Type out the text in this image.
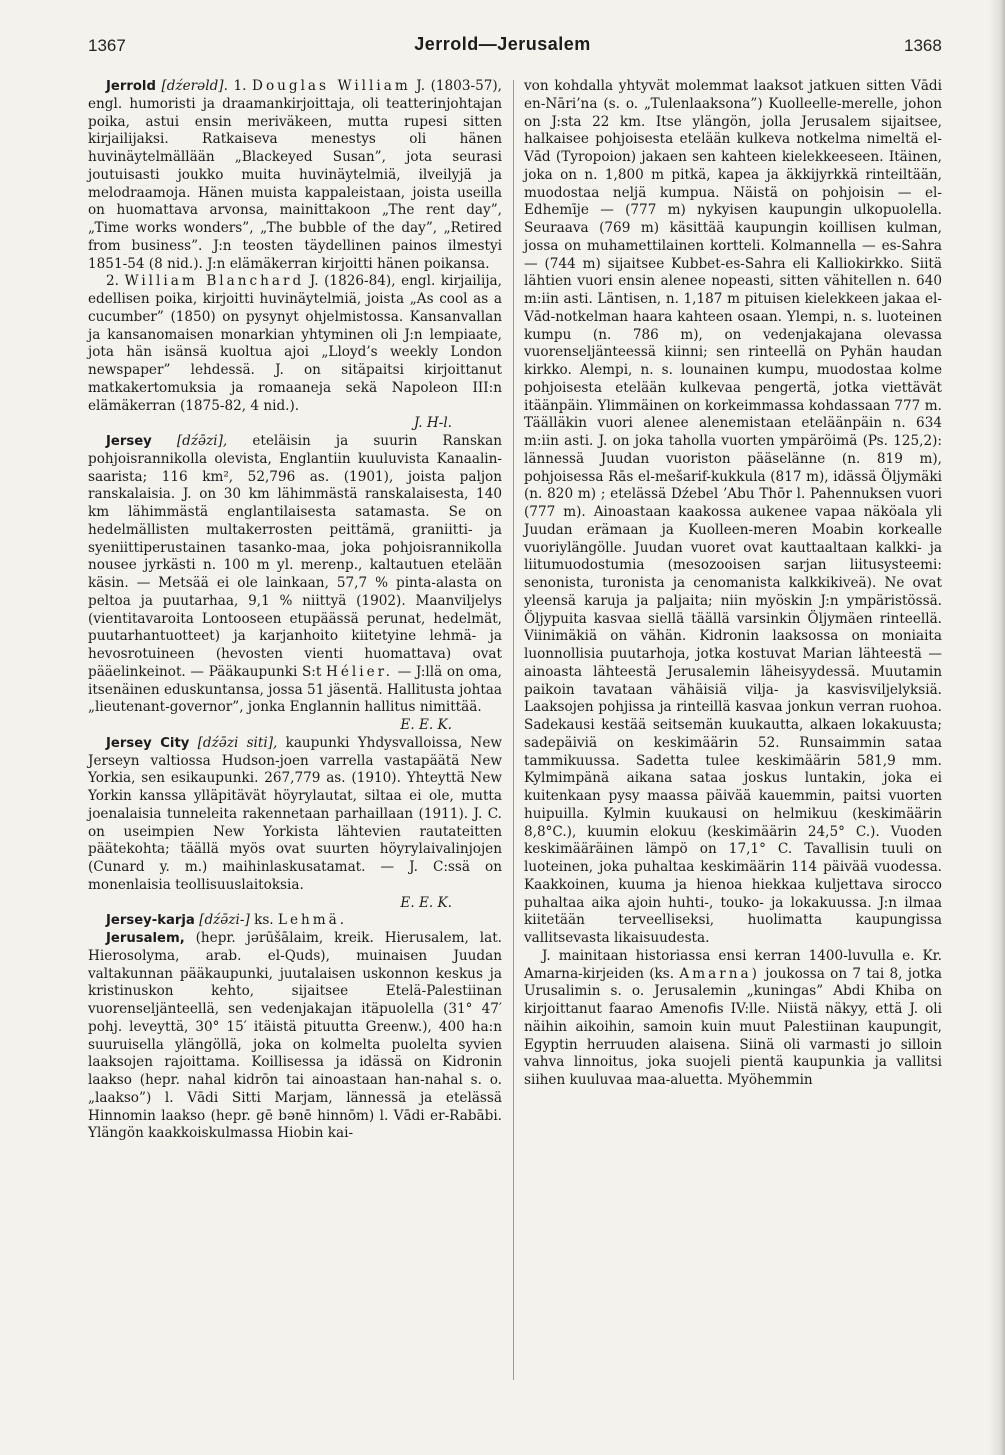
1367	Jerrold—Jerusalem	1368

Jerrold [dźerəld]. 1. Douglas William J. (1803-57), engl. humoristi ja draamankirjoittaja, oli teatterinjohtajan poika, astui ensin meriväkeen, mutta rupesi sitten kirjailijaksi. Ratkaiseva menestys oli hänen huvinäytelmällään „Blackeyed Susan”, jota seurasi joutuisasti joukko muita huvinäytelmiä, ilveilyjä ja melodraamoja. Hänen muista kappaleistaan, joista useilla on huomattava arvonsa, mainittakoon „The rent day”, „Time works wonders”, „The bubble of the day”, „Retired from business”. J:n teosten täydellinen painos ilmestyi 1851-54 (8 nid.). J:n elämäkerran kirjoitti hänen poikansa.

2. William Blanchard J. (1826-84), engl. kirjailija, edellisen poika, kirjoitti huvinäytelmiä, joista „As cool as a cucumber” (1850) on pysynyt ohjelmistossa. Kansanvallan ja kansanomaisen monarkian yhtyminen oli J:n lempiaate, jota hän isänsä kuoltua ajoi „Lloyd’s weekly London newspaper” lehdessä. J. on sitäpaitsi kirjoittanut matkakertomuksia ja romaaneja sekä Napoleon III:n elämäkerran (1875-82, 4 nid.).

J. H-l.

Jersey [dźǝ̄zi], eteläisin ja suurin Ranskan pohjoisrannikolla olevista, Englantiin kuuluvista Kanaalin-saarista; 116 km², 52,796 as. (1901), joista paljon ranskalaisia. J. on 30 km lähimmästä ranskalaisesta, 140 km lähimmästä englantilaisesta satamasta. Se on hedelmällisten multakerrosten peittämä, graniitti- ja syeniittiperustainen tasanko-maa, joka pohjoisrannikolla nousee jyrkästi n. 100 m yl. merenp., kaltautuen etelään käsin. — Metsää ei ole lainkaan, 57,7 % pinta-alasta on peltoa ja puutarhaa, 9,1 % niittyä (1902). Maanviljelys (vientitavaroita Lontooseen etupäässä perunat, hedelmät, puutarhantuotteet) ja karjanhoito kiitetyine lehmä- ja hevosrotuineen (hevosten vienti huomattava) ovat pääelinkeinot. — Pääkaupunki S:t Hélier. — J:llä on oma, itsenäinen eduskuntansa, jossa 51 jäsentä. Hallitusta johtaa „lieutenant-governor”, jonka Englannin hallitus nimittää.

E. E. K.

Jersey City [dźǝ̄zi siti], kaupunki Yhdysvalloissa, New Jerseyn valtiossa Hudson-joen varrella vastapäätä New Yorkia, sen esikaupunki. 267,779 as. (1910). Yhteyttä New Yorkin kanssa ylläpitävät höyrylautat, siltaa ei ole, mutta joenalaisia tunneleita rakennetaan parhaillaan (1911). J. C. on useimpien New Yorkista lähtevien rautateitten päätekohta; täällä myös ovat suurten höyrylaivalinjojen (Cunard y. m.) maihinlaskusatamat. — J. C:ssä on monenlaisia teollisuuslaitoksia.

E. E. K.

Jersey-karja [dźǝ̄zi-] ks. Lehmä.

Jerusalem, (hepr. jərūšālaim, kreik. Hierusalem, lat. Hierosolyma, arab. el-Quds), muinaisen Juudan valtakunnan pääkaupunki, juutalaisen uskonnon keskus ja kristinuskon kehto, sijaitsee Etelä-Palestiinan vuorenseljänteellä, sen vedenjakajan itäpuolella (31° 47′ pohj. leveyttä, 30° 15′ itäistä pituutta Greenw.), 400 ha:n suuruisella ylängöllä, joka on kolmelta puolelta syvien laaksojen rajoittama. Koillisessa ja idässä on Kidronin laakso (hepr. nahal kidrōn tai ainoastaan han-nahal s. o. „laakso”) l. Vādi Sitti Marjam, lännessä ja etelässä Hinnomin laakso (hepr. gē bənē hinnōm) l. Vādi er-Rabābi. Ylängön kaakkoiskulmassa Hiobin kai-

von kohdalla yhtyvät molemmat laaksot jatkuen sitten Vādi en-Nāri’na (s. o. „Tulenlaaksona”) Kuolleelle-merelle, johon on J:sta 22 km. Itse ylängön, jolla Jerusalem sijaitsee, halkaisee pohjoisesta etelään kulkeva notkelma nimeltä el-Vād (Tyropoion) jakaen sen kahteen kielekkeeseen. Itäinen, joka on n. 1,800 m pitkä, kapea ja äkkijyrkkä rinteiltään, muodostaa neljä kumpua. Näistä on pohjoisin — el-Edhemīje — (777 m) nykyisen kaupungin ulkopuolella. Seuraava (769 m) käsittää kaupungin koillisen kulman, jossa on muhamettilainen kortteli. Kolmannella — es-Sahra — (744 m) sijaitsee Kubbet-es-Sahra eli Kalliokirkko. Siitä lähtien vuori ensin alenee nopeasti, sitten vähitellen n. 640 m:iin asti. Läntisen, n. 1,187 m pituisen kielekkeen jakaa el-Vād-notkelman haara kahteen osaan. Ylempi, n. s. luoteinen kumpu (n. 786 m), on vedenjakajana olevassa vuorenseljänteessä kiinni; sen rinteellä on Pyhän haudan kirkko. Alempi, n. s. lounainen kumpu, muodostaa kolme pohjoisesta etelään kulkevaa pengertä, jotka viettävät itäänpäin. Ylimmäinen on korkeimmassa kohdassaan 777 m. Täälläkin vuori alenee alenemistaan eteläänpäin n. 634 m:iin asti. J. on joka taholla vuorten ympäröimä (Ps. 125,2): lännessä Juudan vuoriston pääselänne (n. 819 m), pohjoisessa Rās el-mešarif-kukkula (817 m), idässä Öljymäki (n. 820 m) ; etelässä Dźebel ’Abu Thōr l. Pahennuksen vuori (777 m). Ainoastaan kaakossa aukenee vapaa näköala yli Juudan erämaan ja Kuolleen-meren Moabin korkealle vuoriylängölle. Juudan vuoret ovat kauttaaltaan kalkki- ja liitumuodostumia (mesozooisen sarjan liitusysteemi: senonista, turonista ja cenomanista kalkkikiveä). Ne ovat yleensä karuja ja paljaita; niin myöskin J:n ympäristössä. Öljypuita kasvaa siellä täällä varsinkin Öljymäen rinteellä. Viinimäkiä on vähän. Kidronin laaksossa on moniaita luonnollisia puutarhoja, jotka kostuvat Marian lähteestä — ainoasta lähteestä Jerusalemin läheisyydessä. Muutamin paikoin tavataan vähäisiä vilja- ja kasvisviljelyksiä. Laaksojen pohjissa ja rinteillä kasvaa jonkun verran ruohoa. Sadekausi kestää seitsemän kuukautta, alkaen lokakuusta; sadepäiviä on keskimäärin 52. Runsaimmin sataa tammikuussa. Sadetta tulee keskimäärin 581,9 mm. Kylmimpänä aikana sataa joskus luntakin, joka ei kuitenkaan pysy maassa päivää kauemmin, paitsi vuorten huipuilla. Kylmin kuukausi on helmikuu (keskimäärin 8,8°C.), kuumin elokuu (keskimäärin 24,5° C.). Vuoden keskimääräinen lämpö on 17,1° C. Tavallisin tuuli on luoteinen, joka puhaltaa keskimäärin 114 päivää vuodessa. Kaakkoinen, kuuma ja hienoa hiekkaa kuljettava sirocco puhaltaa aika ajoin huhti-, touko- ja lokakuussa. J:n ilmaa kiitetään terveelliseksi, huolimatta kaupungissa vallitsevasta likaisuudesta.

J. mainitaan historiassa ensi kerran 1400-luvulla e. Kr. Amarna-kirjeiden (ks. Amarna) joukossa on 7 tai 8, jotka Urusalimin s. o. Jerusalemin „kuningas” Abdi Khiba on kirjoittanut faarao Amenofis IV:lle. Niistä näkyy, että J. oli näihin aikoihin, samoin kuin muut Palestiinan kaupungit, Egyptin herruuden alaisena. Siinä oli varmasti jo silloin vahva linnoitus, joka suojeli pientä kaupunkia ja vallitsi siihen kuuluvaa maa-aluetta. Myöhemmin
